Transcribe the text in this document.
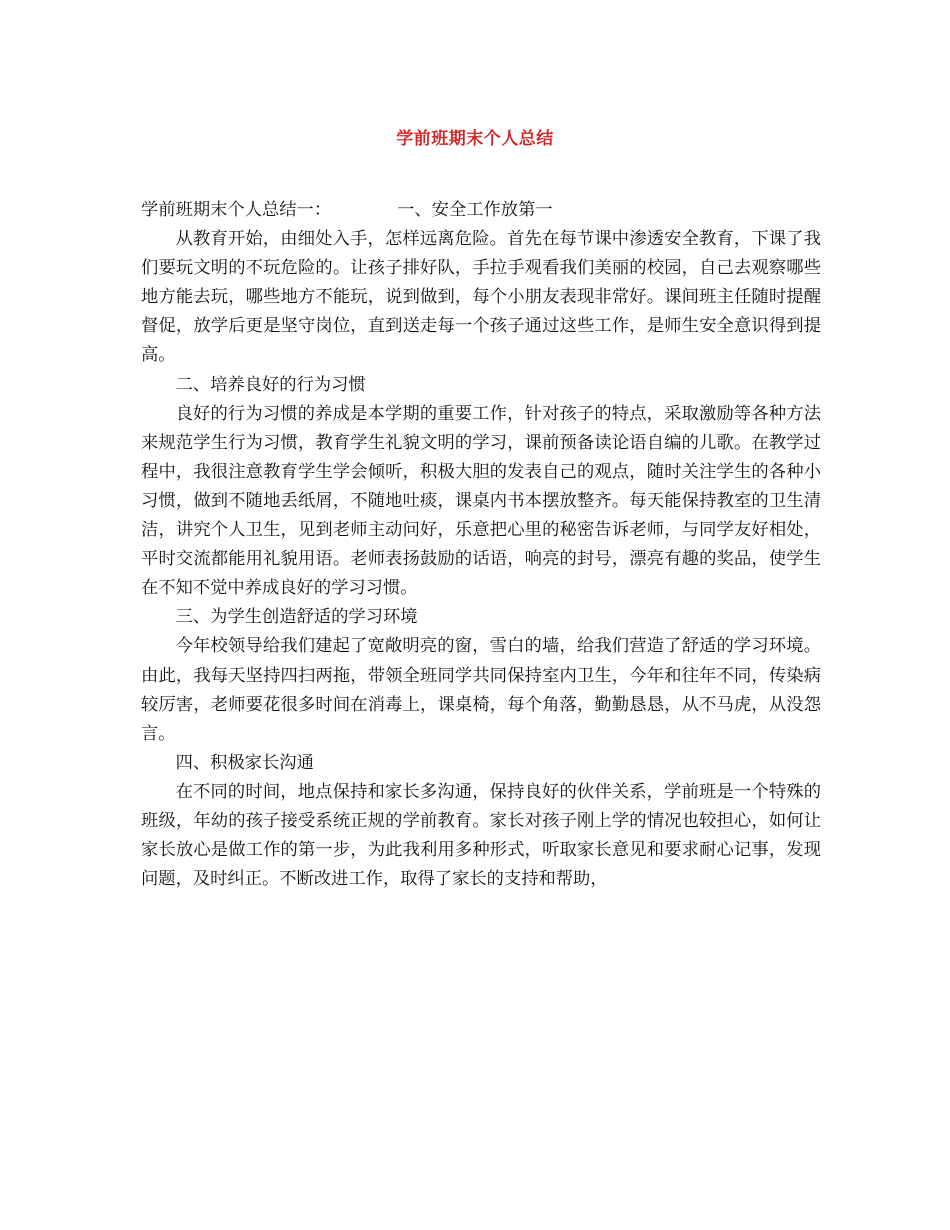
学前班期末个人总结

学前班期末个人总结一：	一、安全工作放第一

从教育开始，由细处入手，怎样远离危险。首先在每节课中渗透安全教育，下课了我们要玩文明的不玩危险的。让孩子排好队，手拉手观看我们美丽的校园，自己去观察哪些地方能去玩，哪些地方不能玩，说到做到，每个小朋友表现非常好。课间班主任随时提醒督促，放学后更是坚守岗位，直到送走每一个孩子通过这些工作，是师生安全意识得到提高。

二、培养良好的行为习惯

良好的行为习惯的养成是本学期的重要工作，针对孩子的特点，采取激励等各种方法来规范学生行为习惯，教育学生礼貌文明的学习，课前预备读论语自编的儿歌。在教学过程中，我很注意教育学生学会倾听，积极大胆的发表自己的观点，随时关注学生的各种小习惯，做到不随地丢纸屑，不随地吐痰，课桌内书本摆放整齐。每天能保持教室的卫生清洁，讲究个人卫生，见到老师主动问好，乐意把心里的秘密告诉老师，与同学友好相处，平时交流都能用礼貌用语。老师表扬鼓励的话语，响亮的封号，漂亮有趣的奖品，使学生在不知不觉中养成良好的学习习惯。

三、为学生创造舒适的学习环境

今年校领导给我们建起了宽敞明亮的窗，雪白的墙，给我们营造了舒适的学习环境。由此，我每天坚持四扫两拖，带领全班同学共同保持室内卫生，今年和往年不同，传染病较厉害，老师要花很多时间在消毒上，课桌椅，每个角落，勤勤恳恳，从不马虎，从没怨言。

四、积极家长沟通

在不同的时间，地点保持和家长多沟通，保持良好的伙伴关系，学前班是一个特殊的班级，年幼的孩子接受系统正规的学前教育。家长对孩子刚上学的情况也较担心，如何让家长放心是做工作的第一步，为此我利用多种形式，听取家长意见和要求耐心记事，发现问题，及时纠正。不断改进工作，取得了家长的支持和帮助，
